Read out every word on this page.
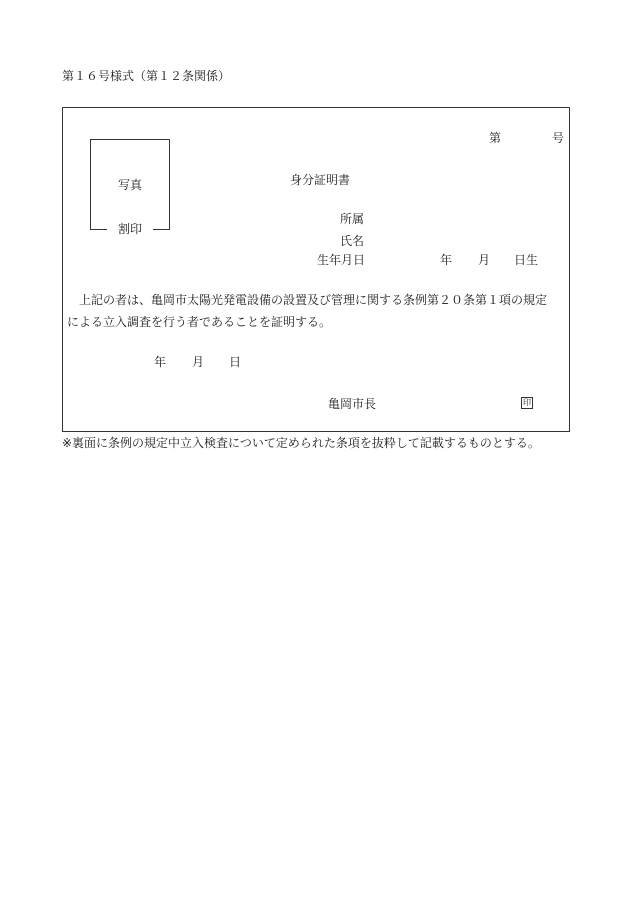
第１６号様式（第１２条関係）
写真
割印
第	号
身分証明書
所属
氏名
生年月日	年 月 日生
　上記の者は、亀岡市太陽光発電設備の設置及び管理に関する条例第２０条第１項の規定
による立入調査を行う者であることを証明する。
年 月 日
亀岡市長	印
※裏面に条例の規定中立入検査について定められた条項を抜粋して記載するものとする。
